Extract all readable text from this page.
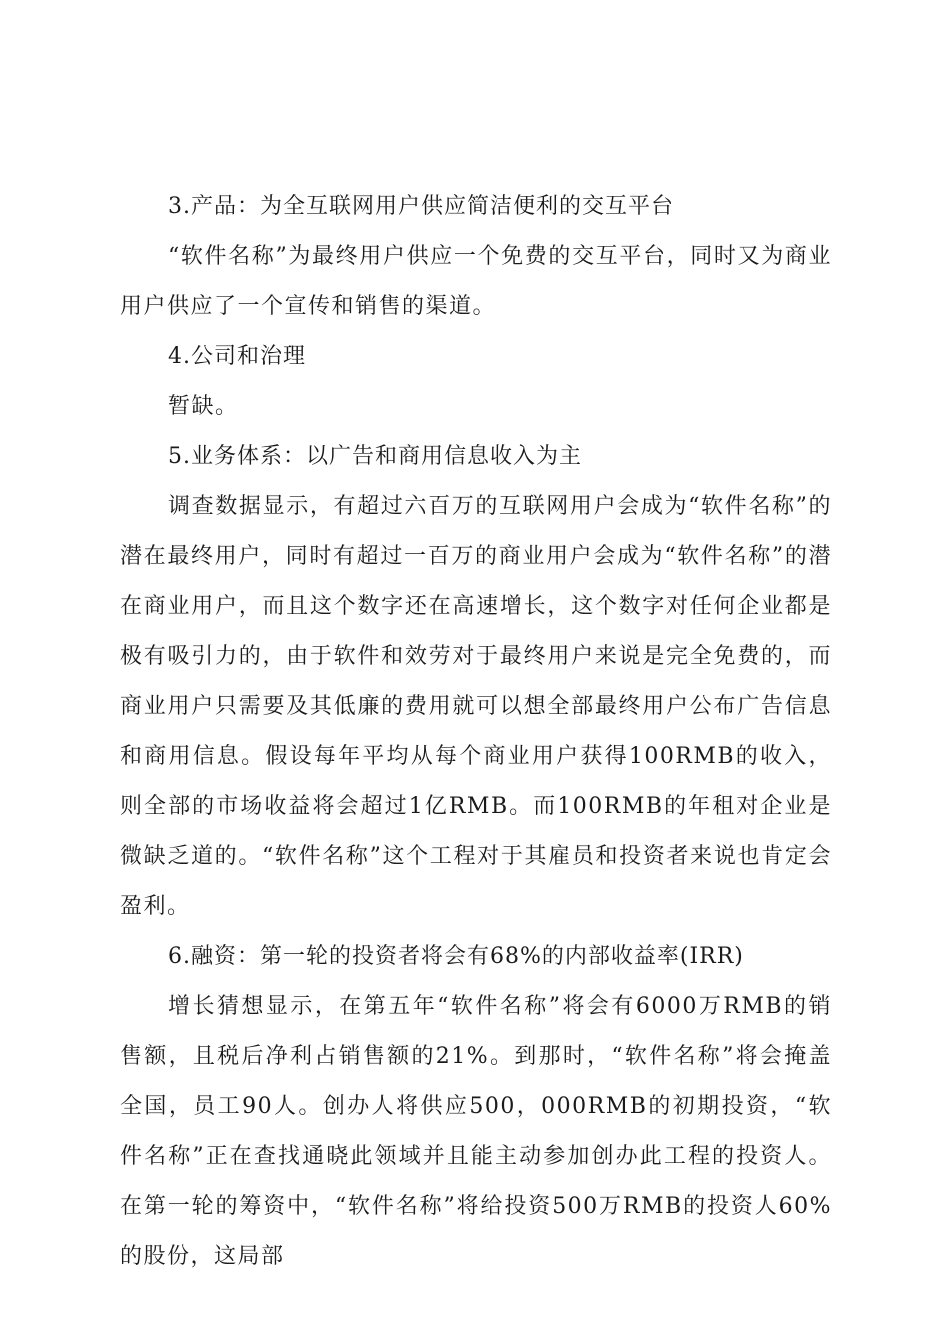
3.产品：为全互联网用户供应简洁便利的交互平台

“软件名称”为最终用户供应一个免费的交互平台，同时又为商业用户供应了一个宣传和销售的渠道。

4.公司和治理

暂缺。

5.业务体系：以广告和商用信息收入为主

调查数据显示，有超过六百万的互联网用户会成为“软件名称”的潜在最终用户，同时有超过一百万的商业用户会成为“软件名称”的潜在商业用户，而且这个数字还在高速增长，这个数字对任何企业都是极有吸引力的，由于软件和效劳对于最终用户来说是完全免费的，而商业用户只需要及其低廉的费用就可以想全部最终用户公布广告信息和商用信息。假设每年平均从每个商业用户获得100RMB的收入，则全部的市场收益将会超过1亿RMB。而100RMB的年租对企业是微缺乏道的。“软件名称”这个工程对于其雇员和投资者来说也肯定会盈利。

6.融资：第一轮的投资者将会有68%的内部收益率(IRR)

增长猜想显示，在第五年“软件名称”将会有6000万RMB的销售额，且税后净利占销售额的21%。到那时，“软件名称”将会掩盖全国，员工90人。创办人将供应500，000RMB的初期投资，“软件名称”正在查找通晓此领域并且能主动参加创办此工程的投资人。在第一轮的筹资中，“软件名称”将给投资500万RMB的投资人60%的股份，这局部
